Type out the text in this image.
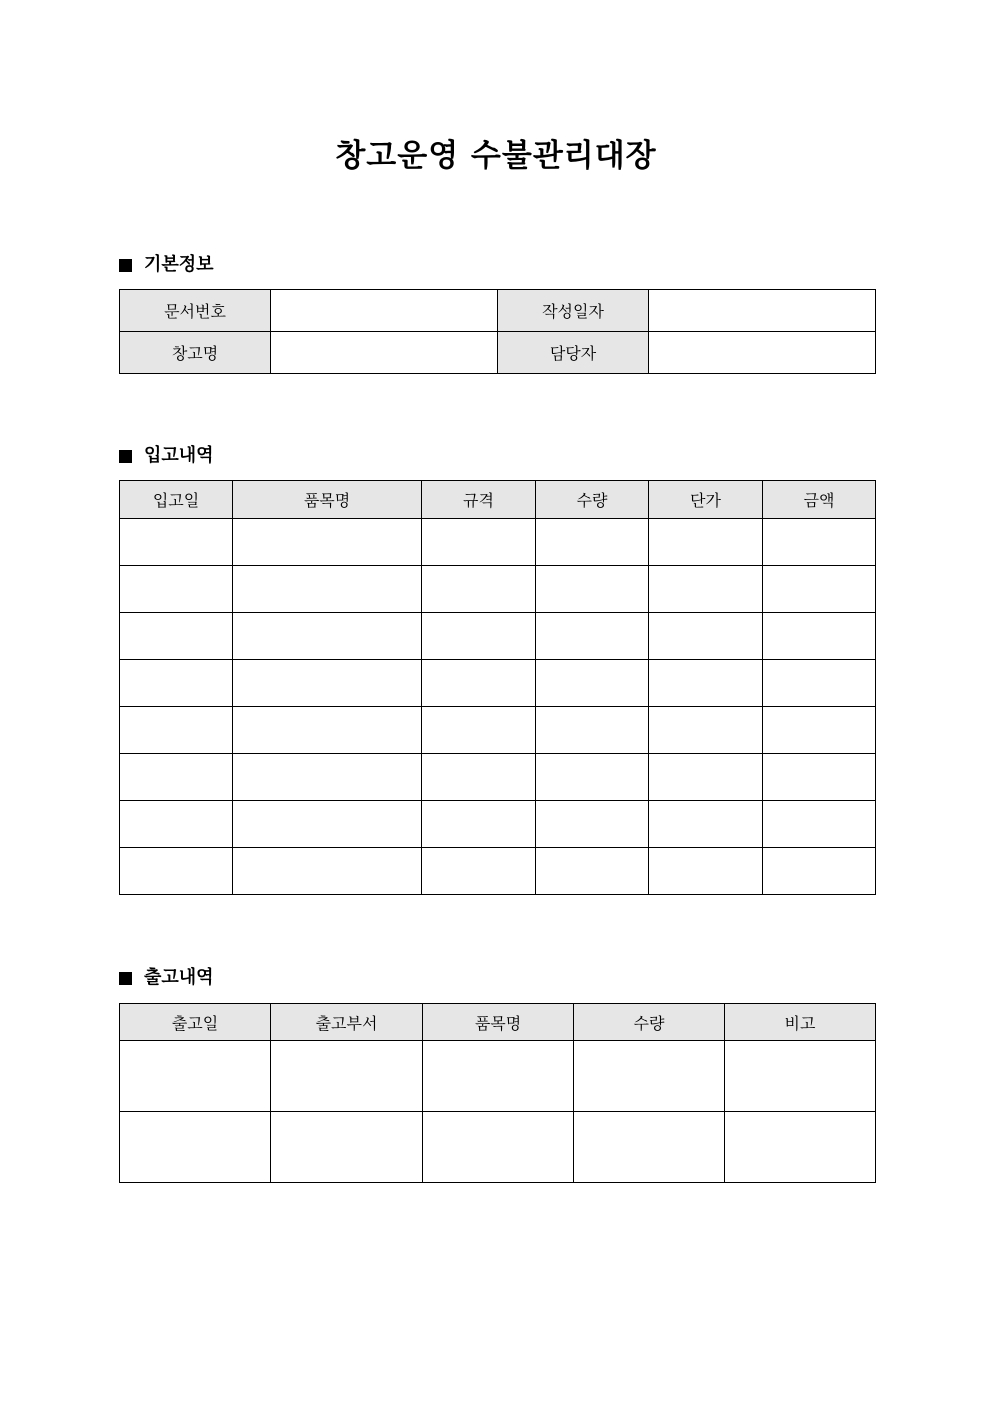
창고운영 수불관리대장
기본정보
문서번호		작성일자	
창고명		담당자	
입고내역
입고일	품목명	규격	수량	단가	금액

출고내역
출고일	출고부서	품목명	수량	비고
